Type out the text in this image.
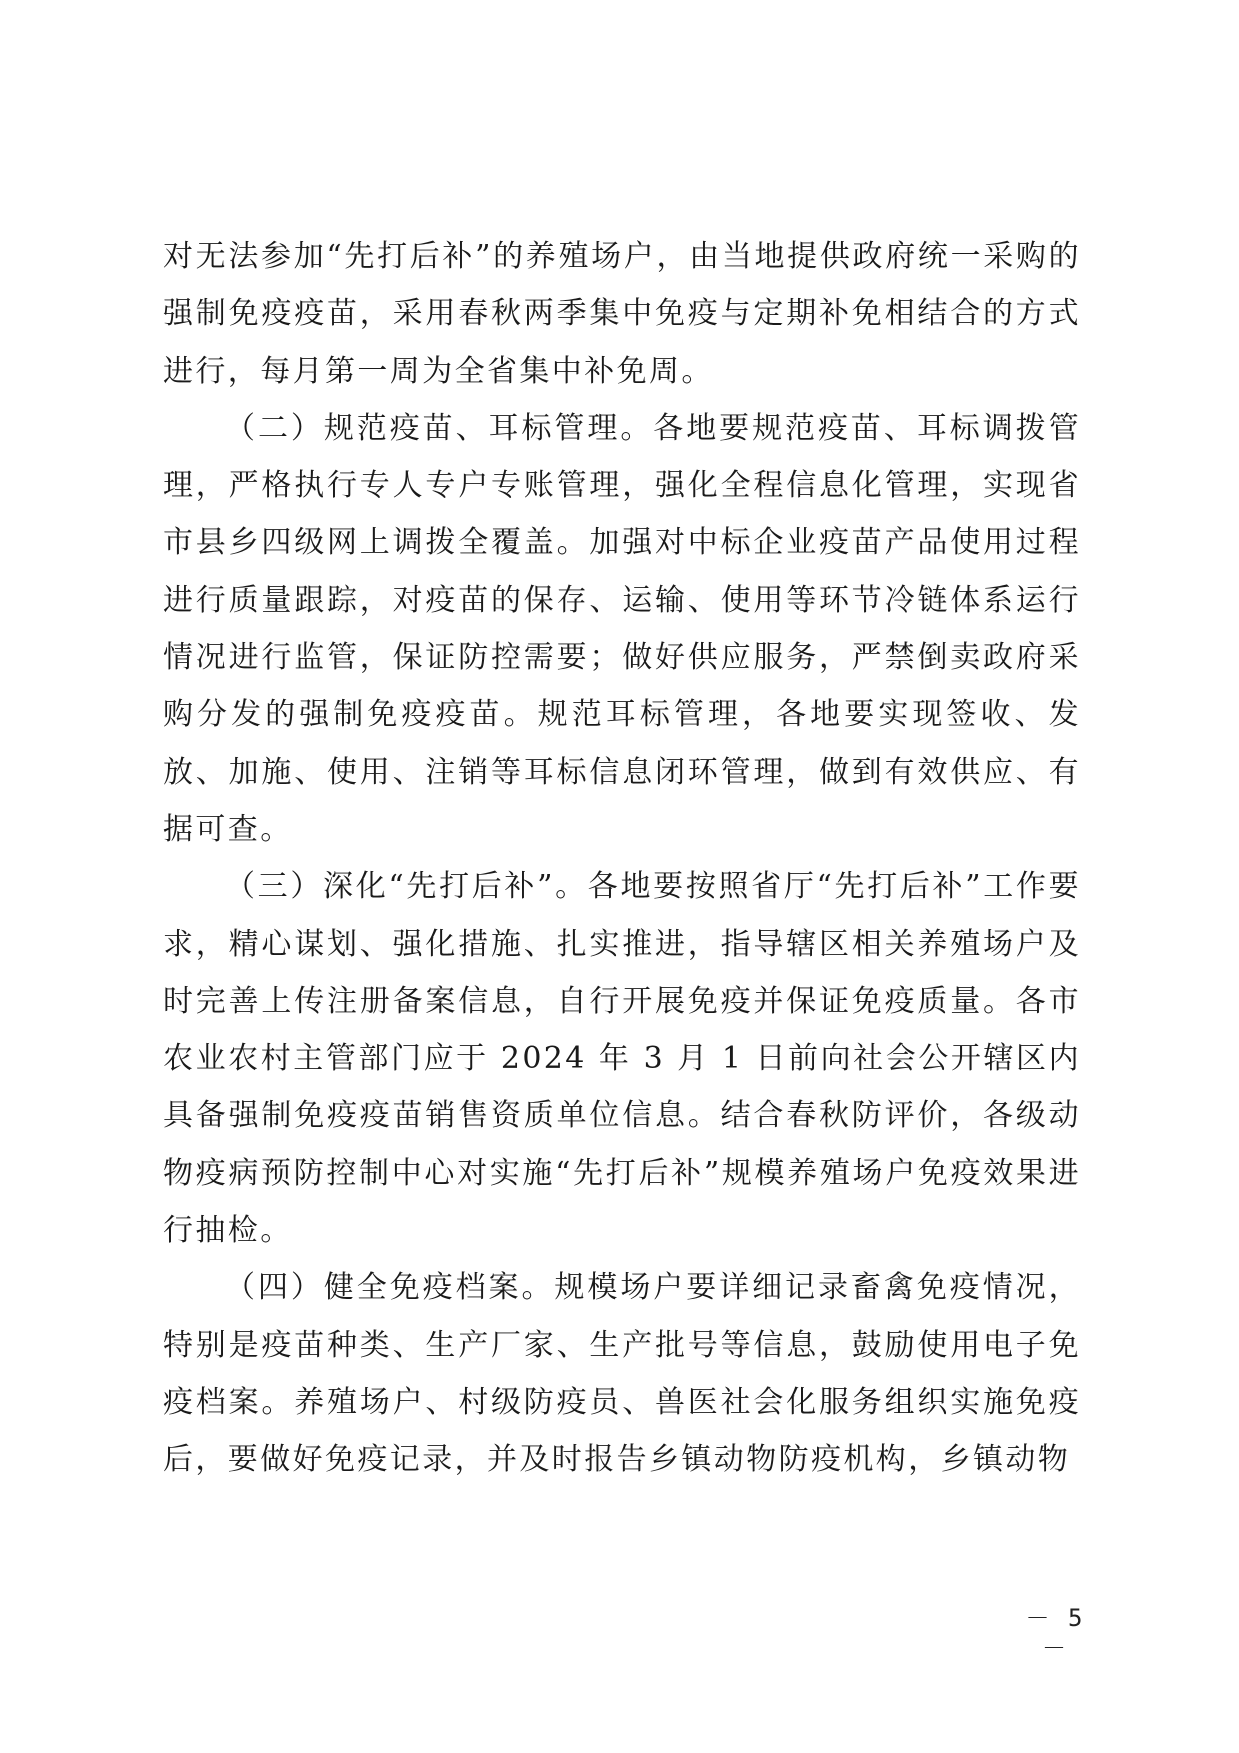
对无法参加“先打后补”的养殖场户，由当地提供政府统一采购的强制免疫疫苗，采用春秋两季集中免疫与定期补免相结合的方式进行，每月第一周为全省集中补免周。

（二）规范疫苗、耳标管理。各地要规范疫苗、耳标调拨管理，严格执行专人专户专账管理，强化全程信息化管理，实现省市县乡四级网上调拨全覆盖。加强对中标企业疫苗产品使用过程进行质量跟踪，对疫苗的保存、运输、使用等环节冷链体系运行情况进行监管，保证防控需要；做好供应服务，严禁倒卖政府采购分发的强制免疫疫苗。规范耳标管理，各地要实现签收、发放、加施、使用、注销等耳标信息闭环管理，做到有效供应、有据可查。

（三）深化“先打后补”。各地要按照省厅“先打后补”工作要求，精心谋划、强化措施、扎实推进，指导辖区相关养殖场户及时完善上传注册备案信息，自行开展免疫并保证免疫质量。各市农业农村主管部门应于 2024 年 3 月 1 日前向社会公开辖区内具备强制免疫疫苗销售资质单位信息。结合春秋防评价，各级动物疫病预防控制中心对实施“先打后补”规模养殖场户免疫效果进行抽检。

（四）健全免疫档案。规模场户要详细记录畜禽免疫情况，特别是疫苗种类、生产厂家、生产批号等信息，鼓励使用电子免疫档案。养殖场户、村级防疫员、兽医社会化服务组织实施免疫后，要做好免疫记录，并及时报告乡镇动物防疫机构，乡镇动物

－ 5 －
